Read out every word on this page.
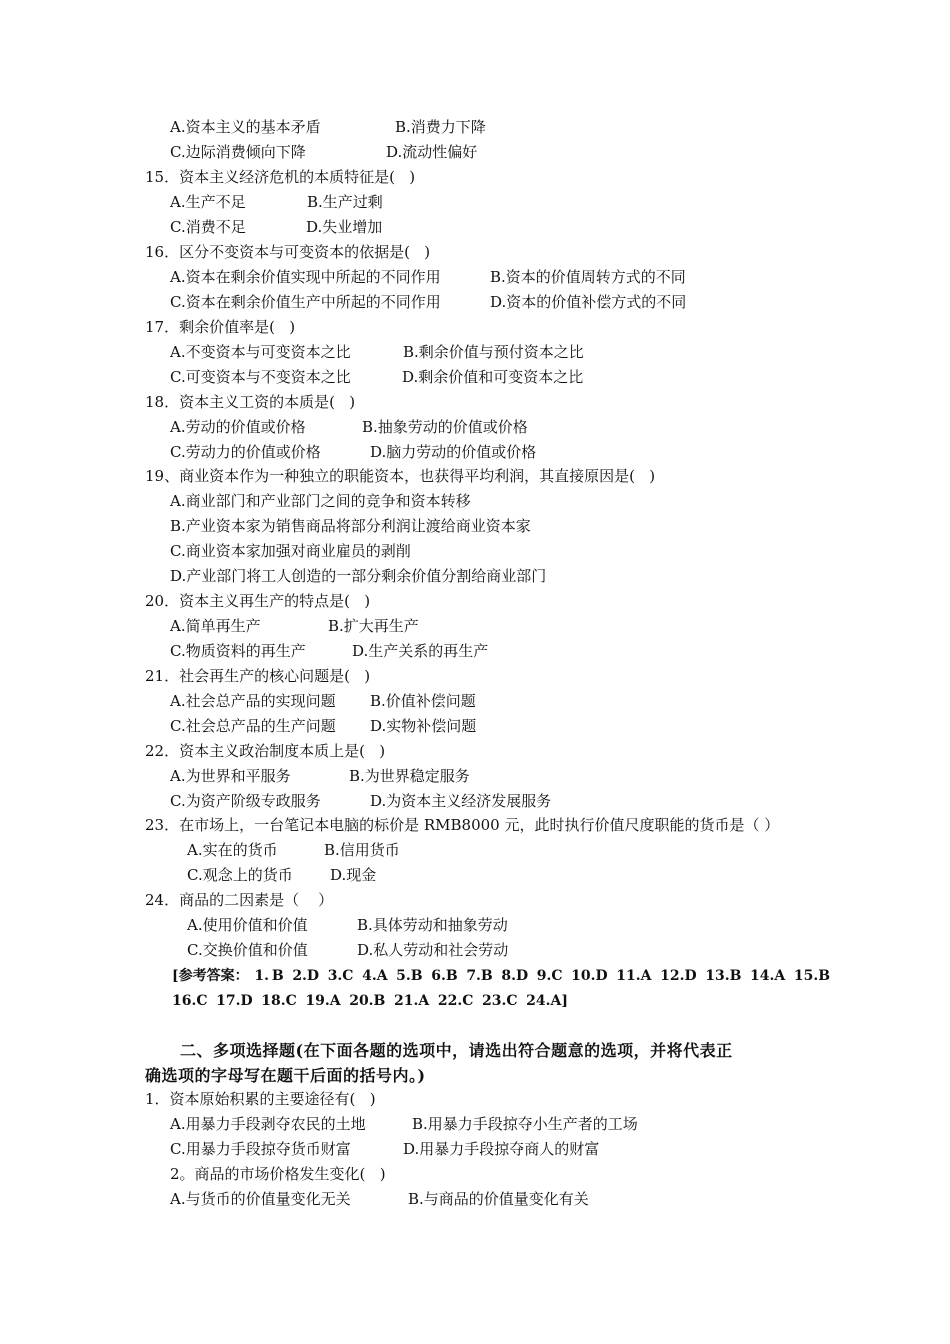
A.资本主义的基本矛盾	B.消费力下降
C.边际消费倾向下降	D.流动性偏好
15．资本主义经济危机的本质特征是(   )
A.生产不足	B.生产过剩
C.消费不足	D.失业增加
16．区分不变资本与可变资本的依据是(   )
A.资本在剩余价值实现中所起的不同作用	B.资本的价值周转方式的不同
C.资本在剩余价值生产中所起的不同作用	D.资本的价值补偿方式的不同
17．剩余价值率是(   )
A.不变资本与可变资本之比	B.剩余价值与预付资本之比
C.可变资本与不变资本之比	D.剩余价值和可变资本之比
18．资本主义工资的本质是(   )
A.劳动的价值或价格	B.抽象劳动的价值或价格
C.劳动力的价值或价格	D.脑力劳动的价值或价格
19、商业资本作为一种独立的职能资本，也获得平均利润，其直接原因是(   )
A.商业部门和产业部门之间的竞争和资本转移
B.产业资本家为销售商品将部分利润让渡给商业资本家
C.商业资本家加强对商业雇员的剥削
D.产业部门将工人创造的一部分剩余价值分割给商业部门
20．资本主义再生产的特点是(   )
A.简单再生产	B.扩大再生产
C.物质资料的再生产	D.生产关系的再生产
21．社会再生产的核心问题是(   )
A.社会总产品的实现问题 B.价值补偿问题
C.社会总产品的生产问题 D.实物补偿问题
22．资本主义政治制度本质上是(   )
A.为世界和平服务	B.为世界稳定服务
C.为资产阶级专政服务	D.为资本主义经济发展服务
23．在市场上，一台笔记本电脑的标价是 RMB8000 元，此时执行价值尺度职能的货币是（ ）
A.实在的货币	B.信用货币
C.观念上的货币 D.现金
24．商品的二因素是（    ）
A.使用价值和价值	B.具体劳动和抽象劳动
C.交换价值和价值	D.私人劳动和社会劳动
[参考答案：  1. B   2.D   3.C   4.A   5.B   6.B   7.B   8.D   9.C   10.D   11.A   12.D   13.B   14.A   15.B
16.C   17.D   18.C   19.A   20.B   21.A   22.C   23.C   24.A]
二、多项选择题(在下面各题的选项中，请选出符合题意的选项，并将代表正
确选项的字母写在题干后面的括号内。)
1．资本原始积累的主要途径有(   )
A.用暴力手段剥夺农民的土地	B.用暴力手段掠夺小生产者的工场
C.用暴力手段掠夺货币财富	D.用暴力手段掠夺商人的财富
2。商品的市场价格发生变化(   )
A.与货币的价值量变化无关	B.与商品的价值量变化有关
